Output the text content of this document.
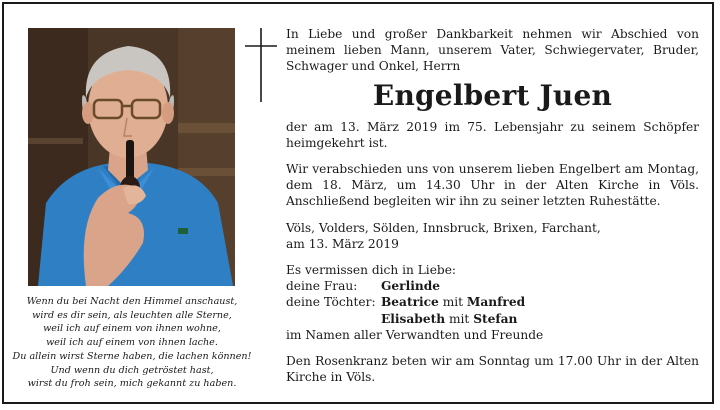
Wenn du bei Nacht den Himmel anschaust,
wird es dir sein, als leuchten alle Sterne,
weil ich auf einem von ihnen wohne,
weil ich auf einem von ihnen lache.
Du allein wirst Sterne haben, die lachen können!
Und wenn du dich getröstet hast,
wirst du froh sein, mich gekannt zu haben.

In Liebe und großer Dankbarkeit nehmen wir Abschied von meinem lieben Mann, unserem Vater, Schwiegervater, Bruder, Schwager und Onkel, Herrn

Engelbert Juen

der am 13. März 2019 im 75. Lebensjahr zu seinem Schöpfer heimgekehrt ist.

Wir verabschieden uns von unserem lieben Engelbert am Montag, dem 18. März, um 14.30 Uhr in der Alten Kirche in Völs. Anschließend begleiten wir ihn zu seiner letzten Ruhestätte.

Völs, Volders, Sölden, Innsbruck, Brixen, Farchant,

am 13. März 2019

Es vermissen dich in Liebe:

deine Frau:	Gerlinde
deine Töchter: Beatrice mit Manfred
Elisabeth mit Stefan

im Namen aller Verwandten und Freunde

Den Rosenkranz beten wir am Sonntag um 17.00 Uhr in der Alten Kirche in Völs.
